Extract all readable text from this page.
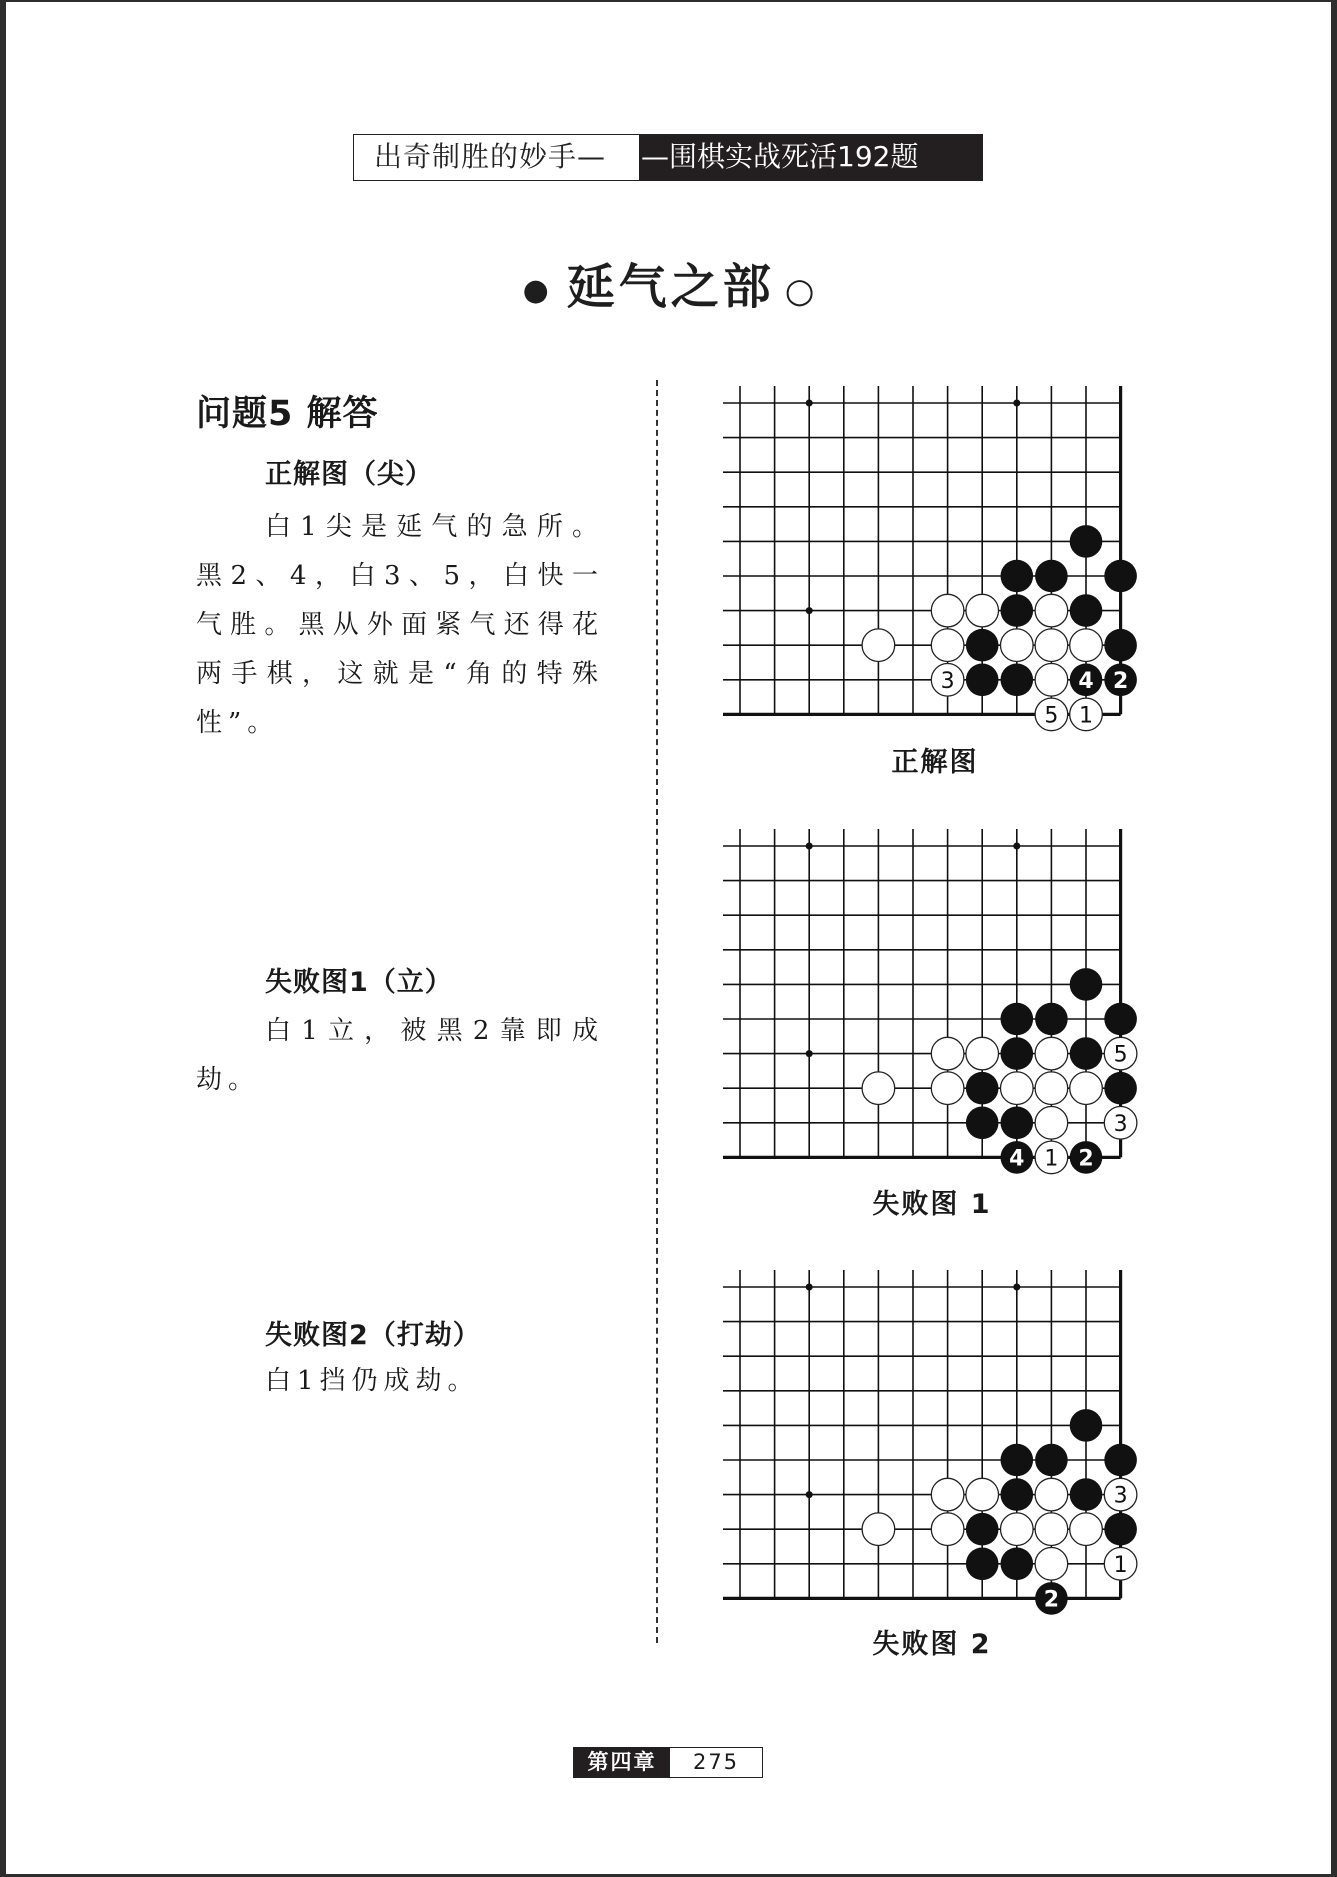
出奇制胜的妙手—	—围棋实战死活192题
● 延气之部 ○
问题5 解答
正解图（尖）
白1尖是延气的急所。黑2、4，白3、5，白快一气胜。黑从外面紧气还得花两手棋，这就是“角的特殊性”。
失败图1（立）
白1立，被黑2靠即成劫。
失败图2（打劫）
白1挡仍成劫。
3	4 2
5 1
正解图
5
3
4 1 2
失败图 1
3
1
2
失败图 2
第四章	275
